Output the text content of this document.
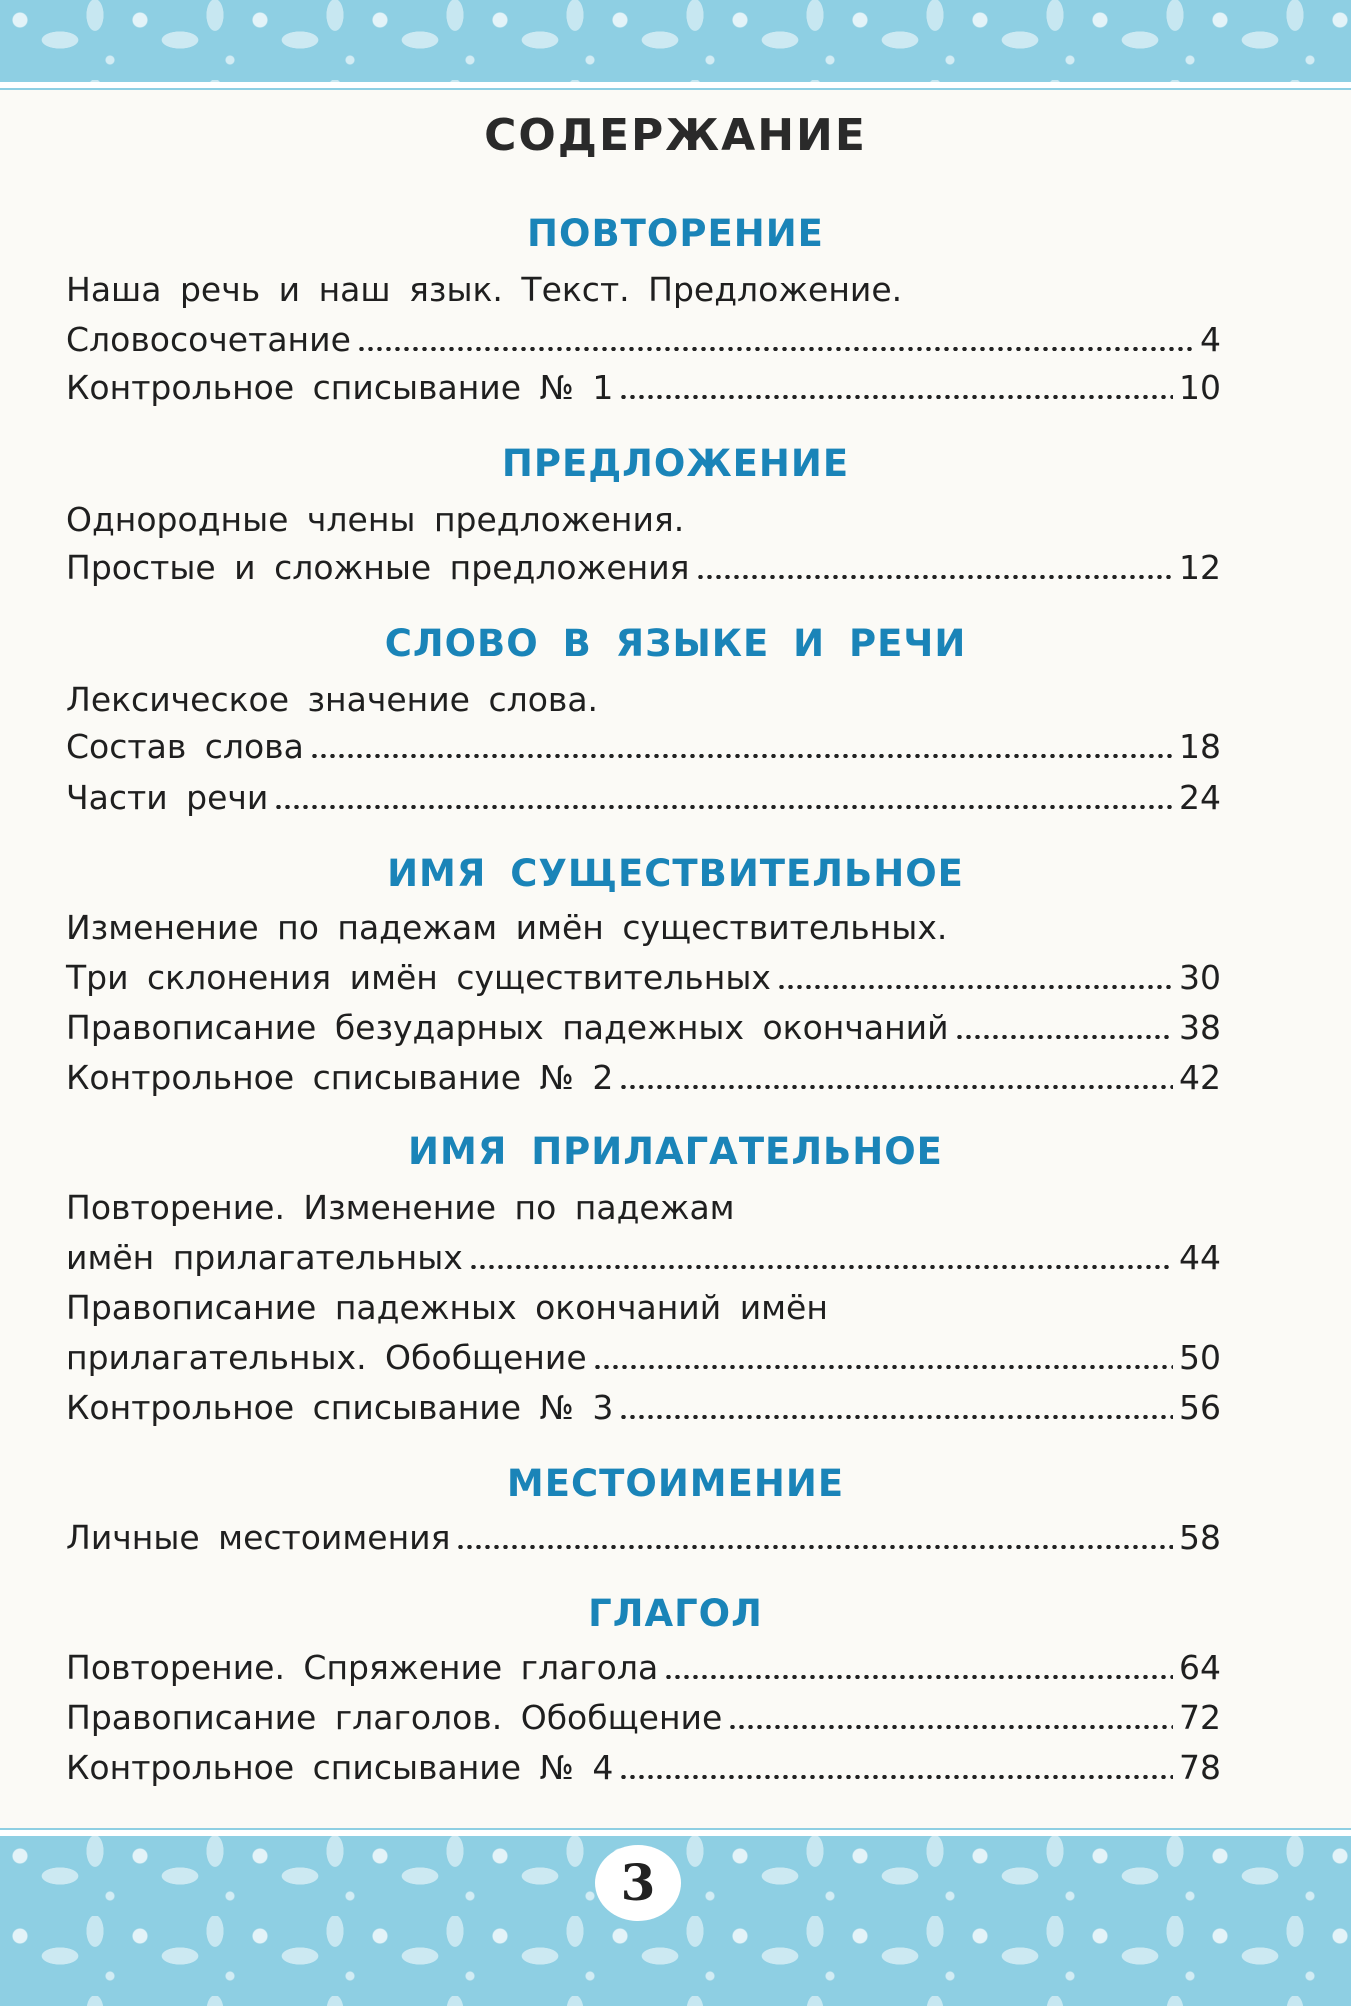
СОДЕРЖАНИЕ
ПОВТОРЕНИЕ
Наша речь и наш язык. Текст. Предложение.
Словосочетание	4
Контрольное списывание № 1	10
ПРЕДЛОЖЕНИЕ
Однородные члены предложения.
Простые и сложные предложения	12
СЛОВО В ЯЗЫКЕ И РЕЧИ
Лексическое значение слова.
Состав слова	18
Части речи	24
ИМЯ СУЩЕСТВИТЕЛЬНОЕ
Изменение по падежам имён существительных.
Три склонения имён существительных	30
Правописание безударных падежных окончаний	38
Контрольное списывание № 2	42
ИМЯ ПРИЛАГАТЕЛЬНОЕ
Повторение. Изменение по падежам
имён прилагательных	44
Правописание падежных окончаний имён
прилагательных. Обобщение	50
Контрольное списывание № 3	56
МЕСТОИМЕНИЕ
Личные местоимения	58
ГЛАГОЛ
Повторение. Спряжение глагола	64
Правописание глаголов. Обобщение	72
Контрольное списывание № 4	78
3
